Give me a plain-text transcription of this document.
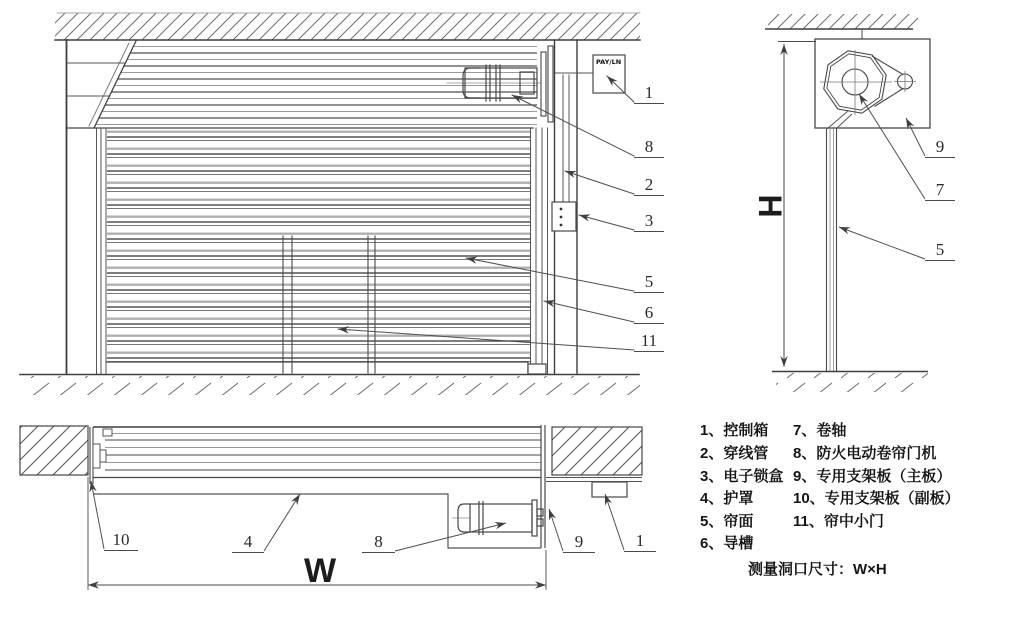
PAY/LN
1
8
2
3
5
6
11
9
7
5
10	4	8	9	1
W
H
1、控制箱
2、穿线管
3、电子锁盒
4、护罩
5、帘面
6、导槽
7、卷轴
8、防火电动卷帘门机
9、专用支架板（主板）
10、专用支架板（副板）
11、帘中小门
测量洞口尺寸：W×H
